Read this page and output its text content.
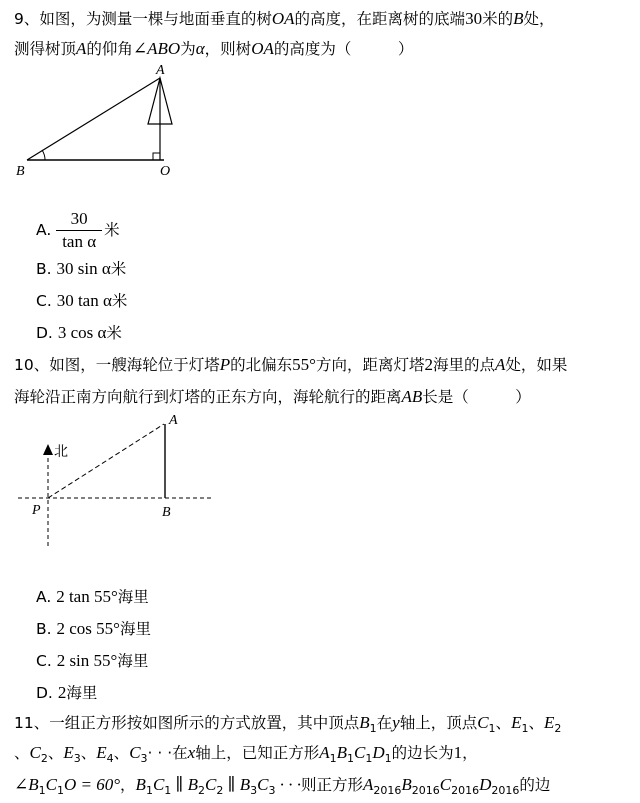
9、如图，为测量一棵与地面垂直的树OA的高度，在距离树的底端30米的B处，
测得树顶A的仰角∠ABO为α，则树OA的高度为（　　　）
A
B	O
A. $\frac{30}{\text{tan α}}$ 米
B. 30 sin α米
C. 30 tan α米
D. 3 cos α米
10、如图，一艘海轮位于灯塔P的北偏东55°方向，距离灯塔2海里的点A处，如果
海轮沿正南方向航行到灯塔的正东方向，海轮航行的距离AB长是（　　　）
北
A
P	B
A. 2 tan 55°海里
B. 2 cos 55°海里
C. 2 sin 55°海里
D. 2海里
11、一组正方形按如图所示的方式放置，其中顶点$B_1$在y轴上，顶点$C_1$、$E_1$、$E_2$
、$C_2$、$E_3$、$E_4$、$C_3\cdot$ · ·在x轴上，已知正方形$A_1B_1C_1D_1$的边长为1，
$\angle B_1C_1O = 60^\circ$，$B_1C_1$ ∥ $B_2C_2$ ∥ $B_3C_3$ · · ·则正方形$A_{2016}B_{2016}C_{2016}D_{2016}$的边
